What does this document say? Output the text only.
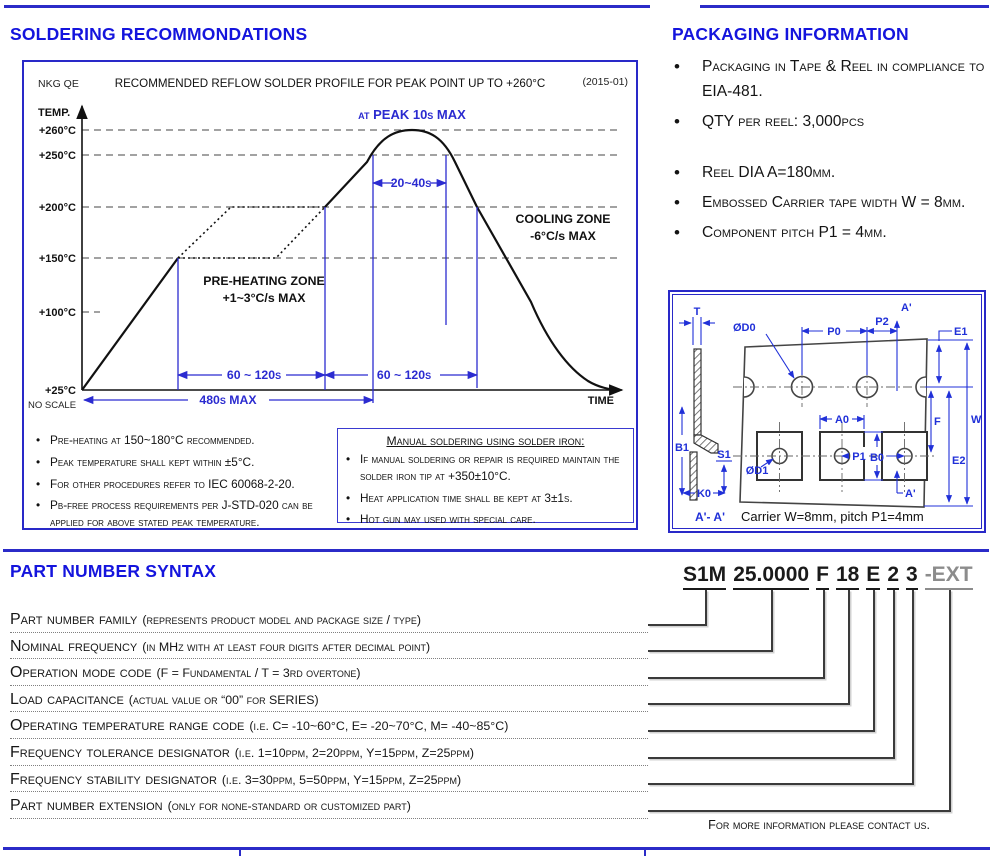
SOLDERING RECOMMONDATIONS
NKG QE	RECOMMENDED REFLOW SOLDER PROFILE FOR PEAK POINT UP TO +260°C	(2015-01)
20~40s
60 ~ 120s	60 ~ 120s
480s MAX
at PEAK 10s MAX
COOLING ZONE
-6°C/s MAX
PRE-HEATING ZONE
+1~3°C/s MAX
TEMP.
+260°C
+250°C
+200°C
+150°C
+100°C
+25°C
TIME
NO SCALE
• Pre-heating at 150~180°C recommended.
• Peak temperature shall kept within ±5°C.
• For other procedures refer to IEC 60068-2-20.
• Pb-free process requirements per J-STD-020 can be applied for above stated peak temperature.
Manual soldering using solder iron:
• If manual soldering or repair is required maintain the solder iron tip at +350±10°C.
• Heat application time shall be kept at 3±1s.
• Hot gun may used with special care.
PACKAGING INFORMATION
• Packaging in Tape & Reel in compliance to EIA-481.
• QTY per reel: 3,000pcs
• Reel DIA A=180mm.
• Embossed Carrier tape width W = 8mm.
• Component pitch P1 = 4mm.
T
ØD0	P0
P2
A'
E1
F
E2
W
A0
B0
P1
ØD1
B1
S1
K0	A'
A'- A' Carrier W=8mm, pitch P1=4mm
PART NUMBER SYNTAX	S1M 25.0000 F 18 E 2 3 -EXT
Part number family (represents product model and package size / type)
Nominal frequency (in MHz with at least four digits after decimal point)
Operation mode code (F = Fundamental / T = 3rd overtone)
Load capacitance (actual value or “00” for SERIES)
Operating temperature range code (i.e. C= -10~60°C, E= -20~70°C, M= -40~85°C)
Frequency tolerance designator (i.e. 1=10ppm, 2=20ppm, Y=15ppm, Z=25ppm)
Frequency stability designator (i.e. 3=30ppm, 5=50ppm, Y=15ppm, Z=25ppm)
Part number extension (only for none-standard or customized part)
For more information please contact us.
